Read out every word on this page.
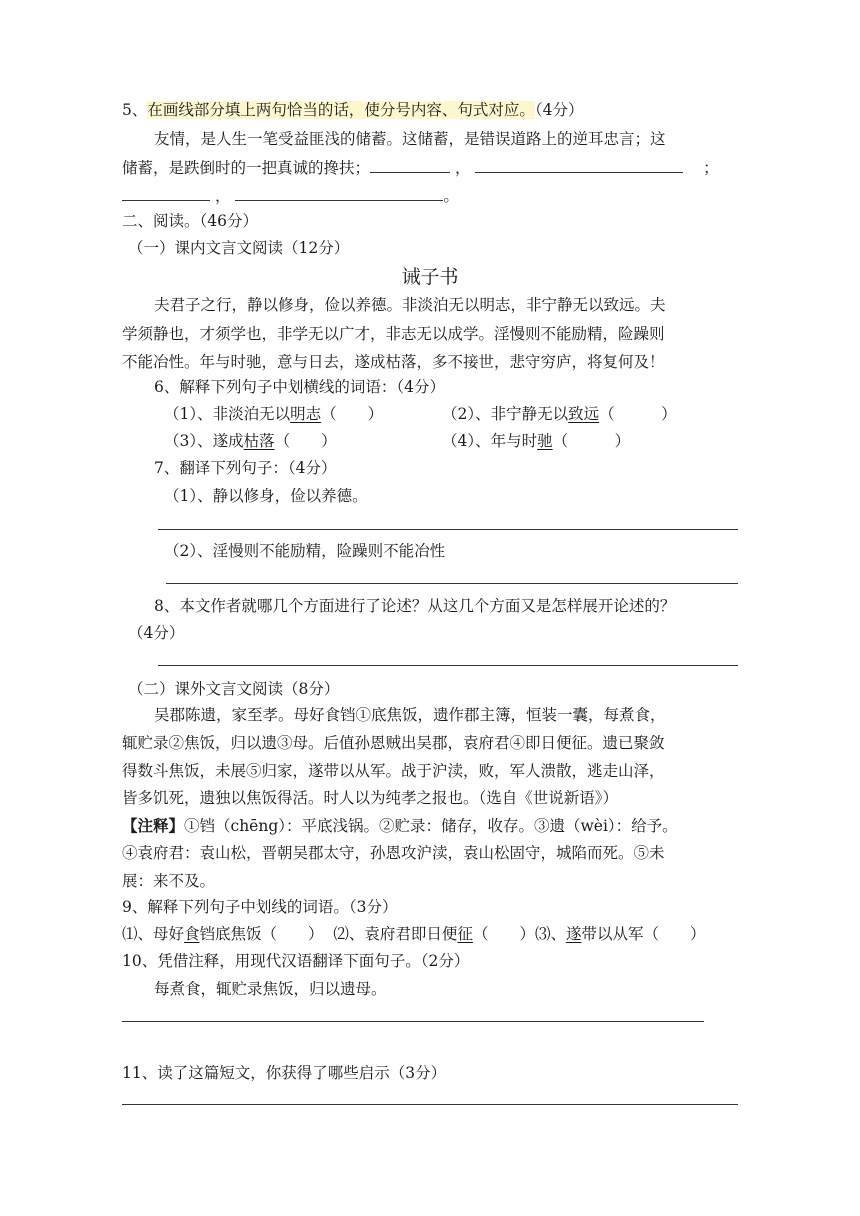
5、在画线部分填上两句恰当的话，使分号内容、句式对应。（4分）
友情，是人生一笔受益匪浅的储蓄。这储蓄，是错误道路上的逆耳忠言；这
储蓄，是跌倒时的一把真诚的搀扶；	，	；
，	。
二、阅读。（46分）
（一）课内文言文阅读（12分）
诫子书
夫君子之行，静以修身，俭以养德。非淡泊无以明志，非宁静无以致远。夫
学须静也，才须学也，非学无以广才，非志无以成学。淫慢则不能励精，险躁则
不能冶性。年与时驰，意与日去，遂成枯落，多不接世，悲守穷庐，将复何及！
6、解释下列句子中划横线的词语：（4分）
（1）、非淡泊无以明志（　　）	（2）、非宁静无以致远（　　　）
（3）、遂成枯落（　　）	（4）、年与时驰（　　　）
7、翻译下列句子：（4分）
（1）、静以修身，俭以养德。
（2）、淫慢则不能励精，险躁则不能冶性
8、本文作者就哪几个方面进行了论述？从这几个方面又是怎样展开论述的？
（4分）
（二）课外文言文阅读（8分）
吴郡陈遗，家至孝。母好食铛①底焦饭，遗作郡主簿，恒装一囊，每煮食，
辄贮录②焦饭，归以遗③母。后值孙恩贼出吴郡，袁府君④即日便征。遗已聚敛
得数斗焦饭，未展⑤归家，遂带以从军。战于沪渎，败，军人溃散，逃走山泽，
皆多饥死，遗独以焦饭得活。时人以为纯孝之报也。（选自《世说新语》）
【注释】①铛（chēng）：平底浅锅。②贮录：储存，收存。③遗（wèi）：给予。
④袁府君：袁山松，晋朝吴郡太守，孙恩攻沪渎，袁山松固守，城陷而死。⑤未
展：来不及。
9、解释下列句子中划线的词语。（3分）
⑴、母好食铛底焦饭（　　） ⑵、袁府君即日便征（　　）⑶、遂带以从军（　　）
10、凭借注释，用现代汉语翻译下面句子。（2分）
每煮食，辄贮录焦饭，归以遗母。
11、读了这篇短文，你获得了哪些启示（3分）
